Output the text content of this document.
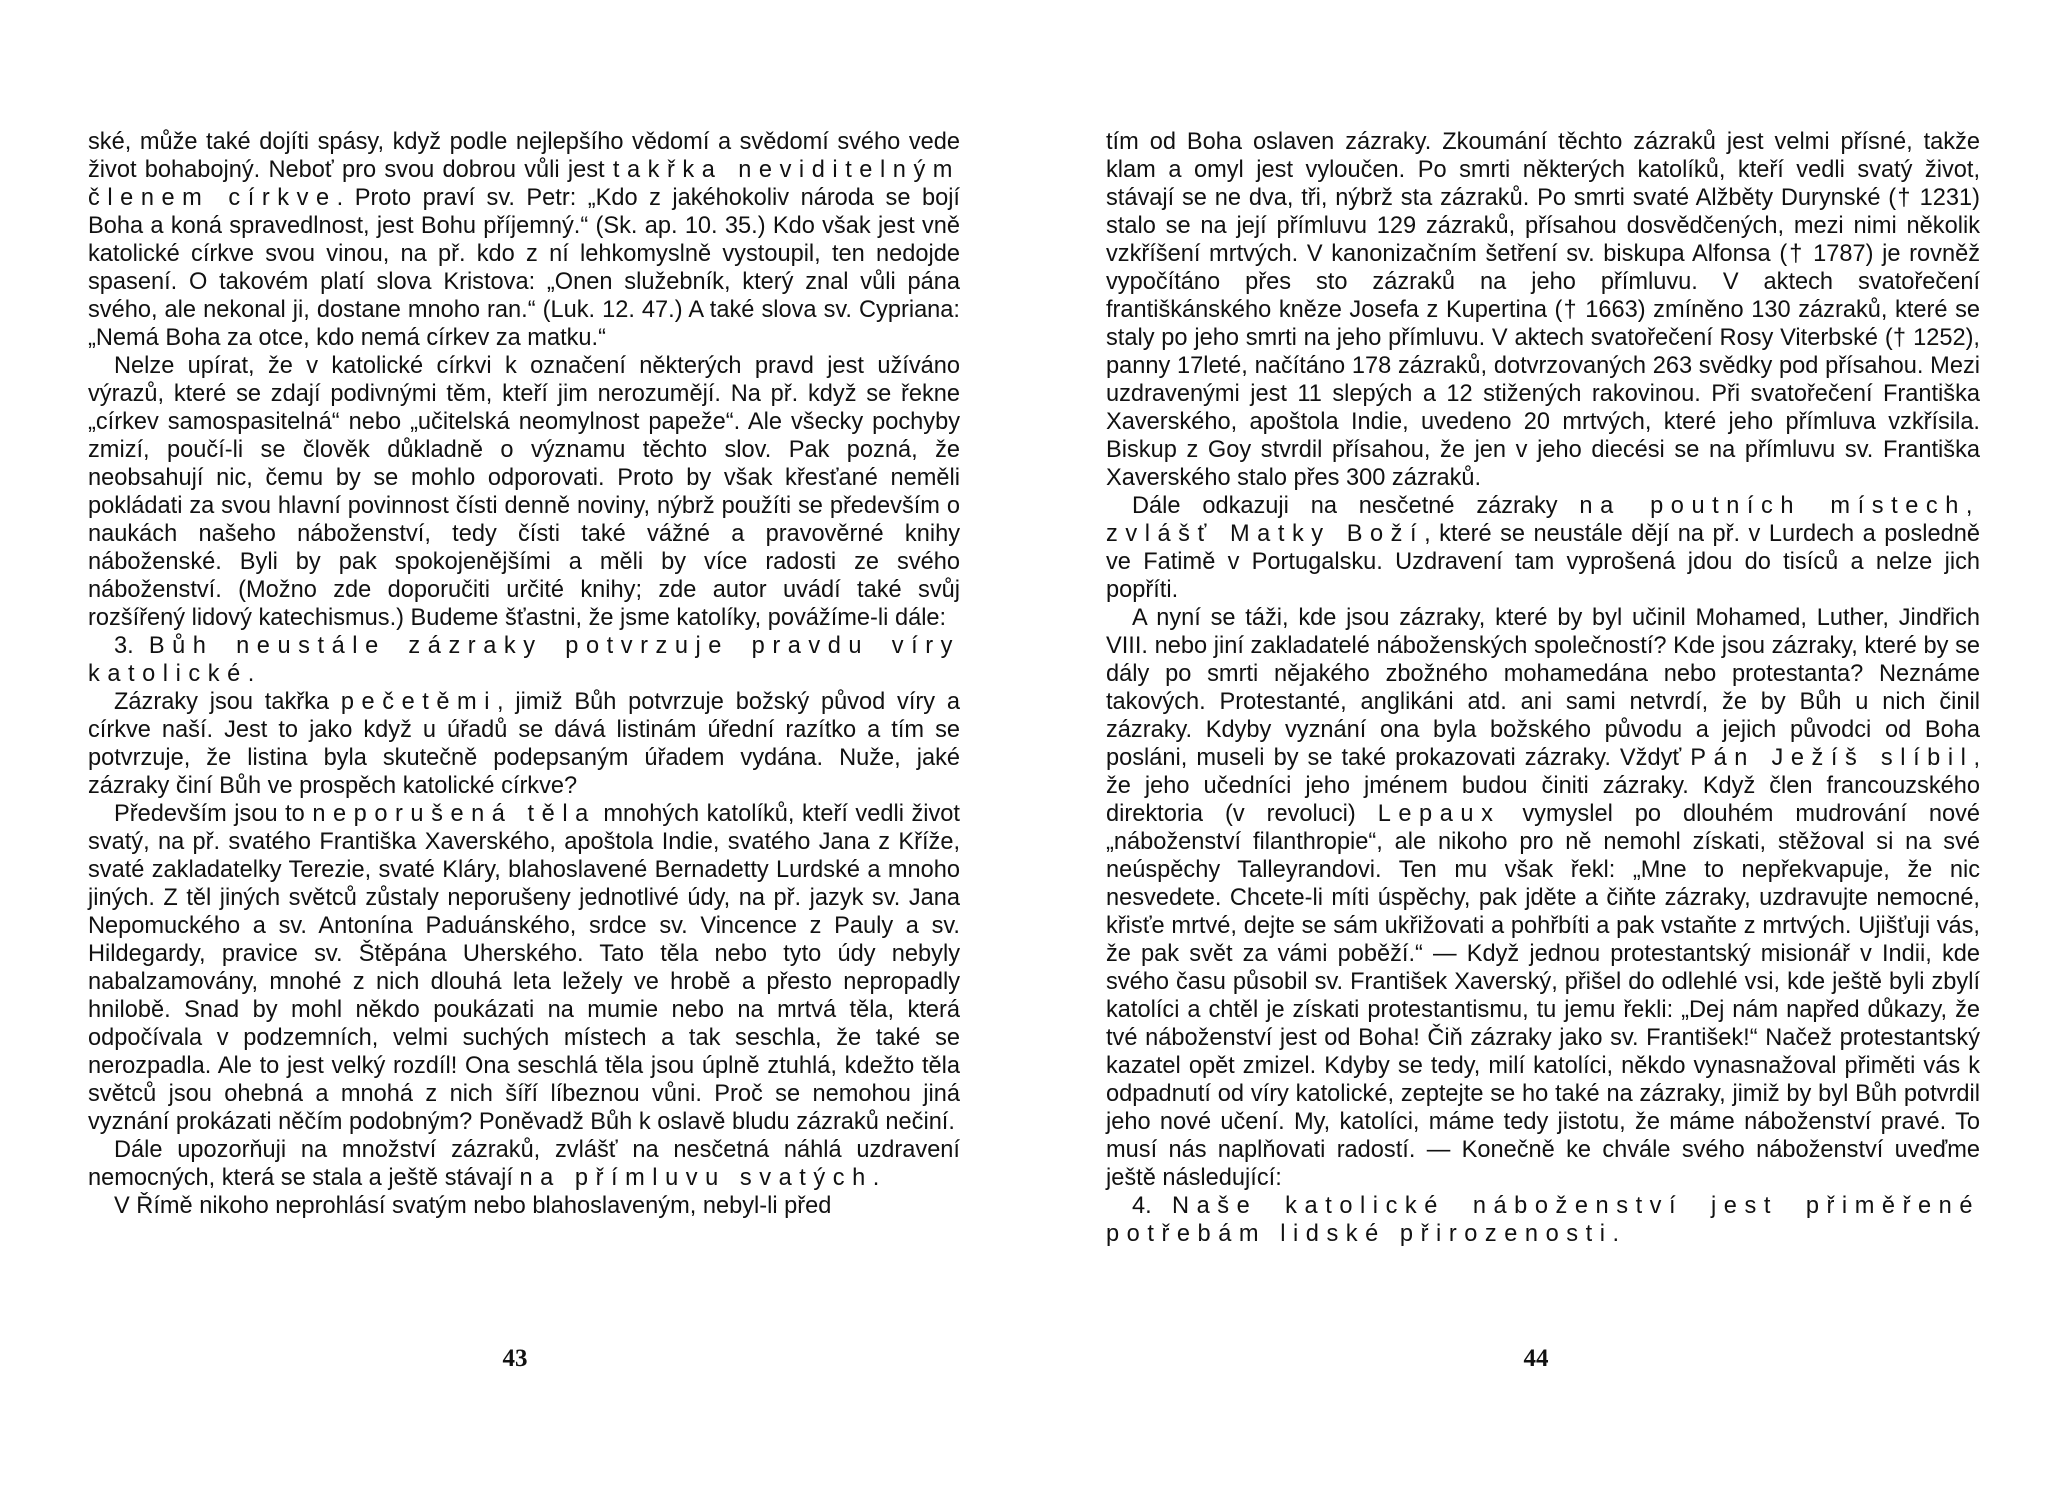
ské, může také dojíti spásy, když podle nejlepšího vědomí a svědomí svého vede život bohabojný. Neboť pro svou dobrou vůli jest takřka neviditelným členem církve. Proto praví sv. Petr: „Kdo z jakéhokoliv národa se bojí Boha a koná spravedlnost, jest Bohu příjemný.“ (Sk. ap. 10. 35.) Kdo však jest vně katolické církve svou vinou, na př. kdo z ní lehkomyslně vystoupil, ten nedojde spasení. O takovém platí slova Kristova: „Onen služebník, který znal vůli pána svého, ale nekonal ji, dostane mnoho ran.“ (Luk. 12. 47.) A také slova sv. Cypriana: „Nemá Boha za otce, kdo nemá církev za matku.“

Nelze upírat, že v katolické církvi k označení některých pravd jest užíváno výrazů, které se zdají podivnými těm, kteří jim nerozumějí. Na př. když se řekne „církev samospasitelná“ nebo „učitelská neomylnost papeže“. Ale všecky pochyby zmizí, poučí-li se člověk důkladně o významu těchto slov. Pak pozná, že neobsahují nic, čemu by se mohlo odporovati. Proto by však křesťané neměli pokládati za svou hlavní povinnost čísti denně noviny, nýbrž použíti se především o naukách našeho náboženství, tedy čísti také vážné a pravověrné knihy náboženské. Byli by pak spokojenějšími a měli by více radosti ze svého náboženství. (Možno zde doporučiti určité knihy; zde autor uvádí také svůj rozšířený lidový katechismus.) Budeme šťastni, že jsme katolíky, povážíme-li dále:

3. Bůh neustále zázraky potvrzuje pravdu víry katolické.

Zázraky jsou takřka pečetěmi, jimiž Bůh potvrzuje božský původ víry a církve naší. Jest to jako když u úřadů se dává listinám úřední razítko a tím se potvrzuje, že listina byla skutečně podepsaným úřadem vydána. Nuže, jaké zázraky činí Bůh ve prospěch katolické církve?

Především jsou to neporušená těla mnohých katolíků, kteří vedli život svatý, na př. svatého Františka Xaverského, apoštola Indie, svatého Jana z Kříže, svaté zakladatelky Terezie, svaté Kláry, blahoslavené Bernadetty Lurdské a mnoho jiných. Z těl jiných světců zůstaly neporušeny jednotlivé údy, na př. jazyk sv. Jana Nepomuckého a sv. Antonína Paduánského, srdce sv. Vincence z Pauly a sv. Hildegardy, pravice sv. Štěpána Uherského. Tato těla nebo tyto údy nebyly nabalzamovány, mnohé z nich dlouhá leta ležely ve hrobě a přesto nepropadly hnilobě. Snad by mohl někdo poukázati na mumie nebo na mrtvá těla, která odpočívala v podzemních, velmi suchých místech a tak seschla, že také se nerozpadla. Ale to jest velký rozdíl! Ona seschlá těla jsou úplně ztuhlá, kdežto těla světců jsou ohebná a mnohá z nich šíří líbeznou vůni. Proč se nemohou jiná vyznání prokázati něčím podobným? Poněvadž Bůh k oslavě bludu zázraků nečiní.

Dále upozorňuji na množství zázraků, zvlášť na nesčetná náhlá uzdravení nemocných, která se stala a ještě stávají na přímluvu svatých.

V Římě nikoho neprohlásí svatým nebo blahoslaveným, nebyl-li před

tím od Boha oslaven zázraky. Zkoumání těchto zázraků jest velmi přísné, takže klam a omyl jest vyloučen. Po smrti některých katolíků, kteří vedli svatý život, stávají se ne dva, tři, nýbrž sta zázraků. Po smrti svaté Alžběty Durynské († 1231) stalo se na její přímluvu 129 zázraků, přísahou dosvědčených, mezi nimi několik vzkříšení mrtvých. V kanonizačním šetření sv. biskupa Alfonsa († 1787) je rovněž vypočítáno přes sto zázraků na jeho přímluvu. V aktech svatořečení františkánského kněze Josefa z Kupertina († 1663) zmíněno 130 zázraků, které se staly po jeho smrti na jeho přímluvu. V aktech svatořečení Rosy Viterbské († 1252), panny 17leté, načítáno 178 zázraků, dotvrzovaných 263 svědky pod přísahou. Mezi uzdravenými jest 11 slepých a 12 stižených rakovinou. Při svatořečení Františka Xaverského, apoštola Indie, uvedeno 20 mrtvých, které jeho přímluva vzkřísila. Biskup z Goy stvrdil přísahou, že jen v jeho diecési se na přímluvu sv. Františka Xaverského stalo přes 300 zázraků.

Dále odkazuji na nesčetné zázraky na poutních místech, zvlášť Matky Boží, které se neustále dějí na př. v Lurdech a posledně ve Fatimě v Portugalsku. Uzdravení tam vyprošená jdou do tisíců a nelze jich popříti.

A nyní se táži, kde jsou zázraky, které by byl učinil Mohamed, Luther, Jindřich VIII. nebo jiní zakladatelé náboženských společností? Kde jsou zázraky, které by se dály po smrti nějakého zbožného mohamedána nebo protestanta? Neznáme takových. Protestanté, anglikáni atd. ani sami netvrdí, že by Bůh u nich činil zázraky. Kdyby vyznání ona byla božského původu a jejich původci od Boha posláni, museli by se také prokazovati zázraky. Vždyť Pán Ježíš slíbil, že jeho učedníci jeho jménem budou činiti zázraky. Když člen francouzského direktoria (v revoluci) Lepaux vymyslel po dlouhém mudrování nové „náboženství filanthropie“, ale nikoho pro ně nemohl získati, stěžoval si na své neúspěchy Talleyrandovi. Ten mu však řekl: „Mne to nepřekvapuje, že nic nesvedete. Chcete-li míti úspěchy, pak jděte a čiňte zázraky, uzdravujte nemocné, křisťe mrtvé, dejte se sám ukřižovati a pohřbíti a pak vstaňte z mrtvých. Ujišťuji vás, že pak svět za vámi poběží.“ — Když jednou protestantský misionář v Indii, kde svého času působil sv. František Xaverský, přišel do odlehlé vsi, kde ještě byli zbylí katolíci a chtěl je získati protestantismu, tu jemu řekli: „Dej nám napřed důkazy, že tvé náboženství jest od Boha! Čiň zázraky jako sv. František!“ Načež protestantský kazatel opět zmizel. Kdyby se tedy, milí katolíci, někdo vynasnažoval přiměti vás k odpadnutí od víry katolické, zeptejte se ho také na zázraky, jimiž by byl Bůh potvrdil jeho nové učení. My, katolíci, máme tedy jistotu, že máme náboženství pravé. To musí nás naplňovati radostí. — Konečně ke chvále svého náboženství uveďme ještě následující:

4. Naše katolické náboženství jest přiměřené potřebám lidské přirozenosti.

43	44
